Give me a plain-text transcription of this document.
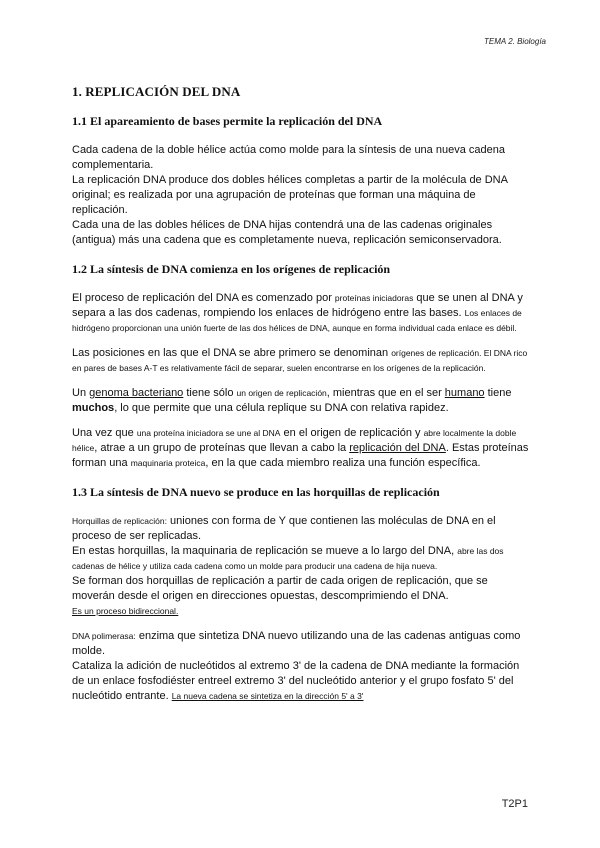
TEMA 2. Biología
1. REPLICACIÓN DEL DNA
1.1 El apareamiento de bases permite la replicación del DNA

Cada cadena de la doble hélice actúa como molde para la síntesis de una nueva cadena complementaria.

La replicación DNA produce dos dobles hélices completas a partir de la molécula de DNA original; es realizada por una agrupación de proteínas que forman una máquina de replicación.

Cada una de las dobles hélices de DNA hijas contendrá una de las cadenas originales (antigua) más una cadena que es completamente nueva, replicación semiconservadora.

1.2 La síntesis de DNA comienza en los orígenes de replicación

El proceso de replicación del DNA es comenzado por proteínas iniciadoras que se unen al DNA y separa a las dos cadenas, rompiendo los enlaces de hidrógeno entre las bases. Los enlaces de hidrógeno proporcionan una unión fuerte de las dos hélices de DNA, aunque en forma individual cada enlace es débil.

Las posiciones en las que el DNA se abre primero se denominan orígenes de replicación. El DNA rico en pares de bases A-T es relativamente fácil de separar, suelen encontrarse en los orígenes de la replicación.

Un genoma bacteriano tiene sólo un origen de replicación, mientras que en el ser humano tiene muchos, lo que permite que una célula replique su DNA con relativa rapidez.

Una vez que una proteína iniciadora se une al DNA en el origen de replicación y abre localmente la doble hélice, atrae a un grupo de proteínas que llevan a cabo la replicación del DNA. Estas proteínas forman una maquinaria proteica, en la que cada miembro realiza una función específica.

1.3 La síntesis de DNA nuevo se produce en las horquillas de replicación

Horquillas de replicación: uniones con forma de Y que contienen las moléculas de DNA en el proceso de ser replicadas.

En estas horquillas, la maquinaria de replicación se mueve a lo largo del DNA, abre las dos cadenas de hélice y utiliza cada cadena como un molde para producir una cadena de hija nueva.

Se forman dos horquillas de replicación a partir de cada origen de replicación, que se moverán desde el origen en direcciones opuestas, descomprimiendo el DNA.

Es un proceso bidireccional.

DNA polimerasa: enzima que sintetiza DNA nuevo utilizando una de las cadenas antiguas como molde.

Cataliza la adición de nucleótidos al extremo 3' de la cadena de DNA mediante la formación de un enlace fosfodiéster entreel extremo 3' del nucleótido anterior y el grupo fosfato 5' del nucleótido entrante. La nueva cadena se sintetiza en la dirección 5' a 3'

T2P1
